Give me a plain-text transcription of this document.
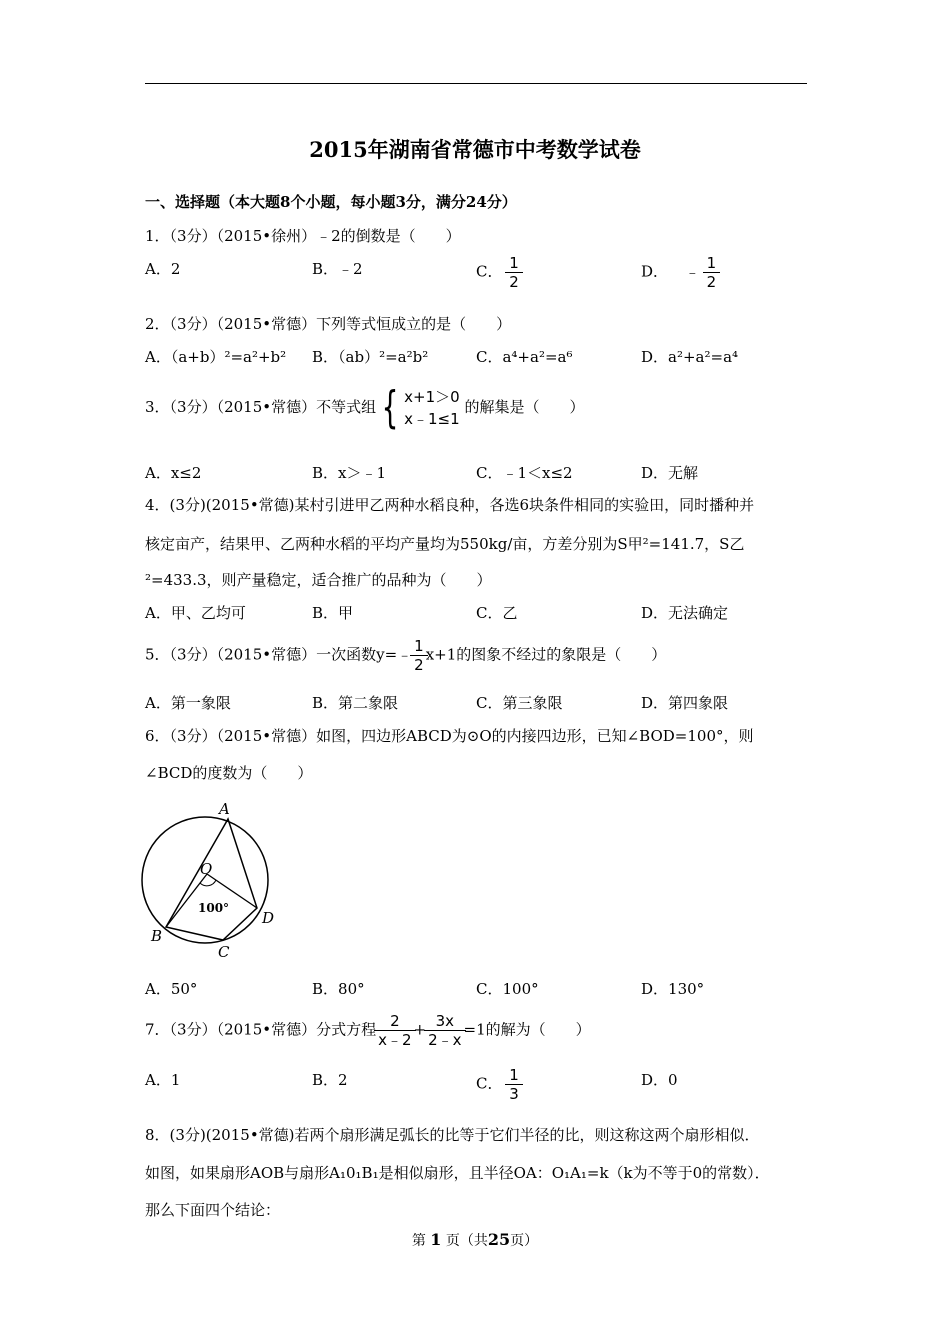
2015年湖南省常德市中考数学试卷
一、选择题（本大题8个小题，每小题3分，满分24分）
1．（3分）（2015•徐州）﹣2的倒数是（　　）
A．2	B．﹣2	C． $\frac{1}{2}$	D． ﹣ $\frac{1}{2}$
2．（3分）（2015•常德）下列等式恒成立的是（　　）
A．（a+b）²=a²+b² B．（ab）²=a²b²	C．a⁴+a²=a⁶	D．a²+a²=a⁴
3．（3分）（2015•常德）不等式组 { x+1＞0
x﹣1≤1
的解集是（　　）
A．x≤2	B．x＞﹣1	C．﹣1＜x≤2	D．无解
4．(3分)(2015•常德)某村引进甲乙两种水稻良种，各选6块条件相同的实验田，同时播种并
核定亩产，结果甲、乙两种水稻的平均产量均为550kg/亩，方差分别为S甲²=141.7，S乙
²=433.3，则产量稳定，适合推广的品种为（　　）
A．甲、乙均可	B．甲	C．乙	D．无法确定
5．（3分）（2015•常德）一次函数y=﹣ $\frac{1}{2} x+1$的图象不经过的象限是（　　）
A．第一象限	B．第二象限	C．第三象限	D．第四象限
6．（3分）（2015•常德）如图，四边形ABCD为⊙O的内接四边形，已知∠BOD=100°，则
∠BCD的度数为（　　）
A
O
100°
B
C
D
A．50°	B．80°	C．100°	D．130°
7．（3分）（2015•常德）分式方程 $\frac{2}{x﹣2} + \frac{3x}{2﹣x} =1$的解为（　　）
A．1	B．2	C． $\frac{1}{3}$	D．0
8．(3分)(2015•常德)若两个扇形满足弧长的比等于它们半径的比，则这称这两个扇形相似．
如图，如果扇形AOB与扇形A₁0₁B₁是相似扇形，且半径OA：O₁A₁=k（k为不等于0的常数）．
那么下面四个结论：
第 1 页（共25页）
